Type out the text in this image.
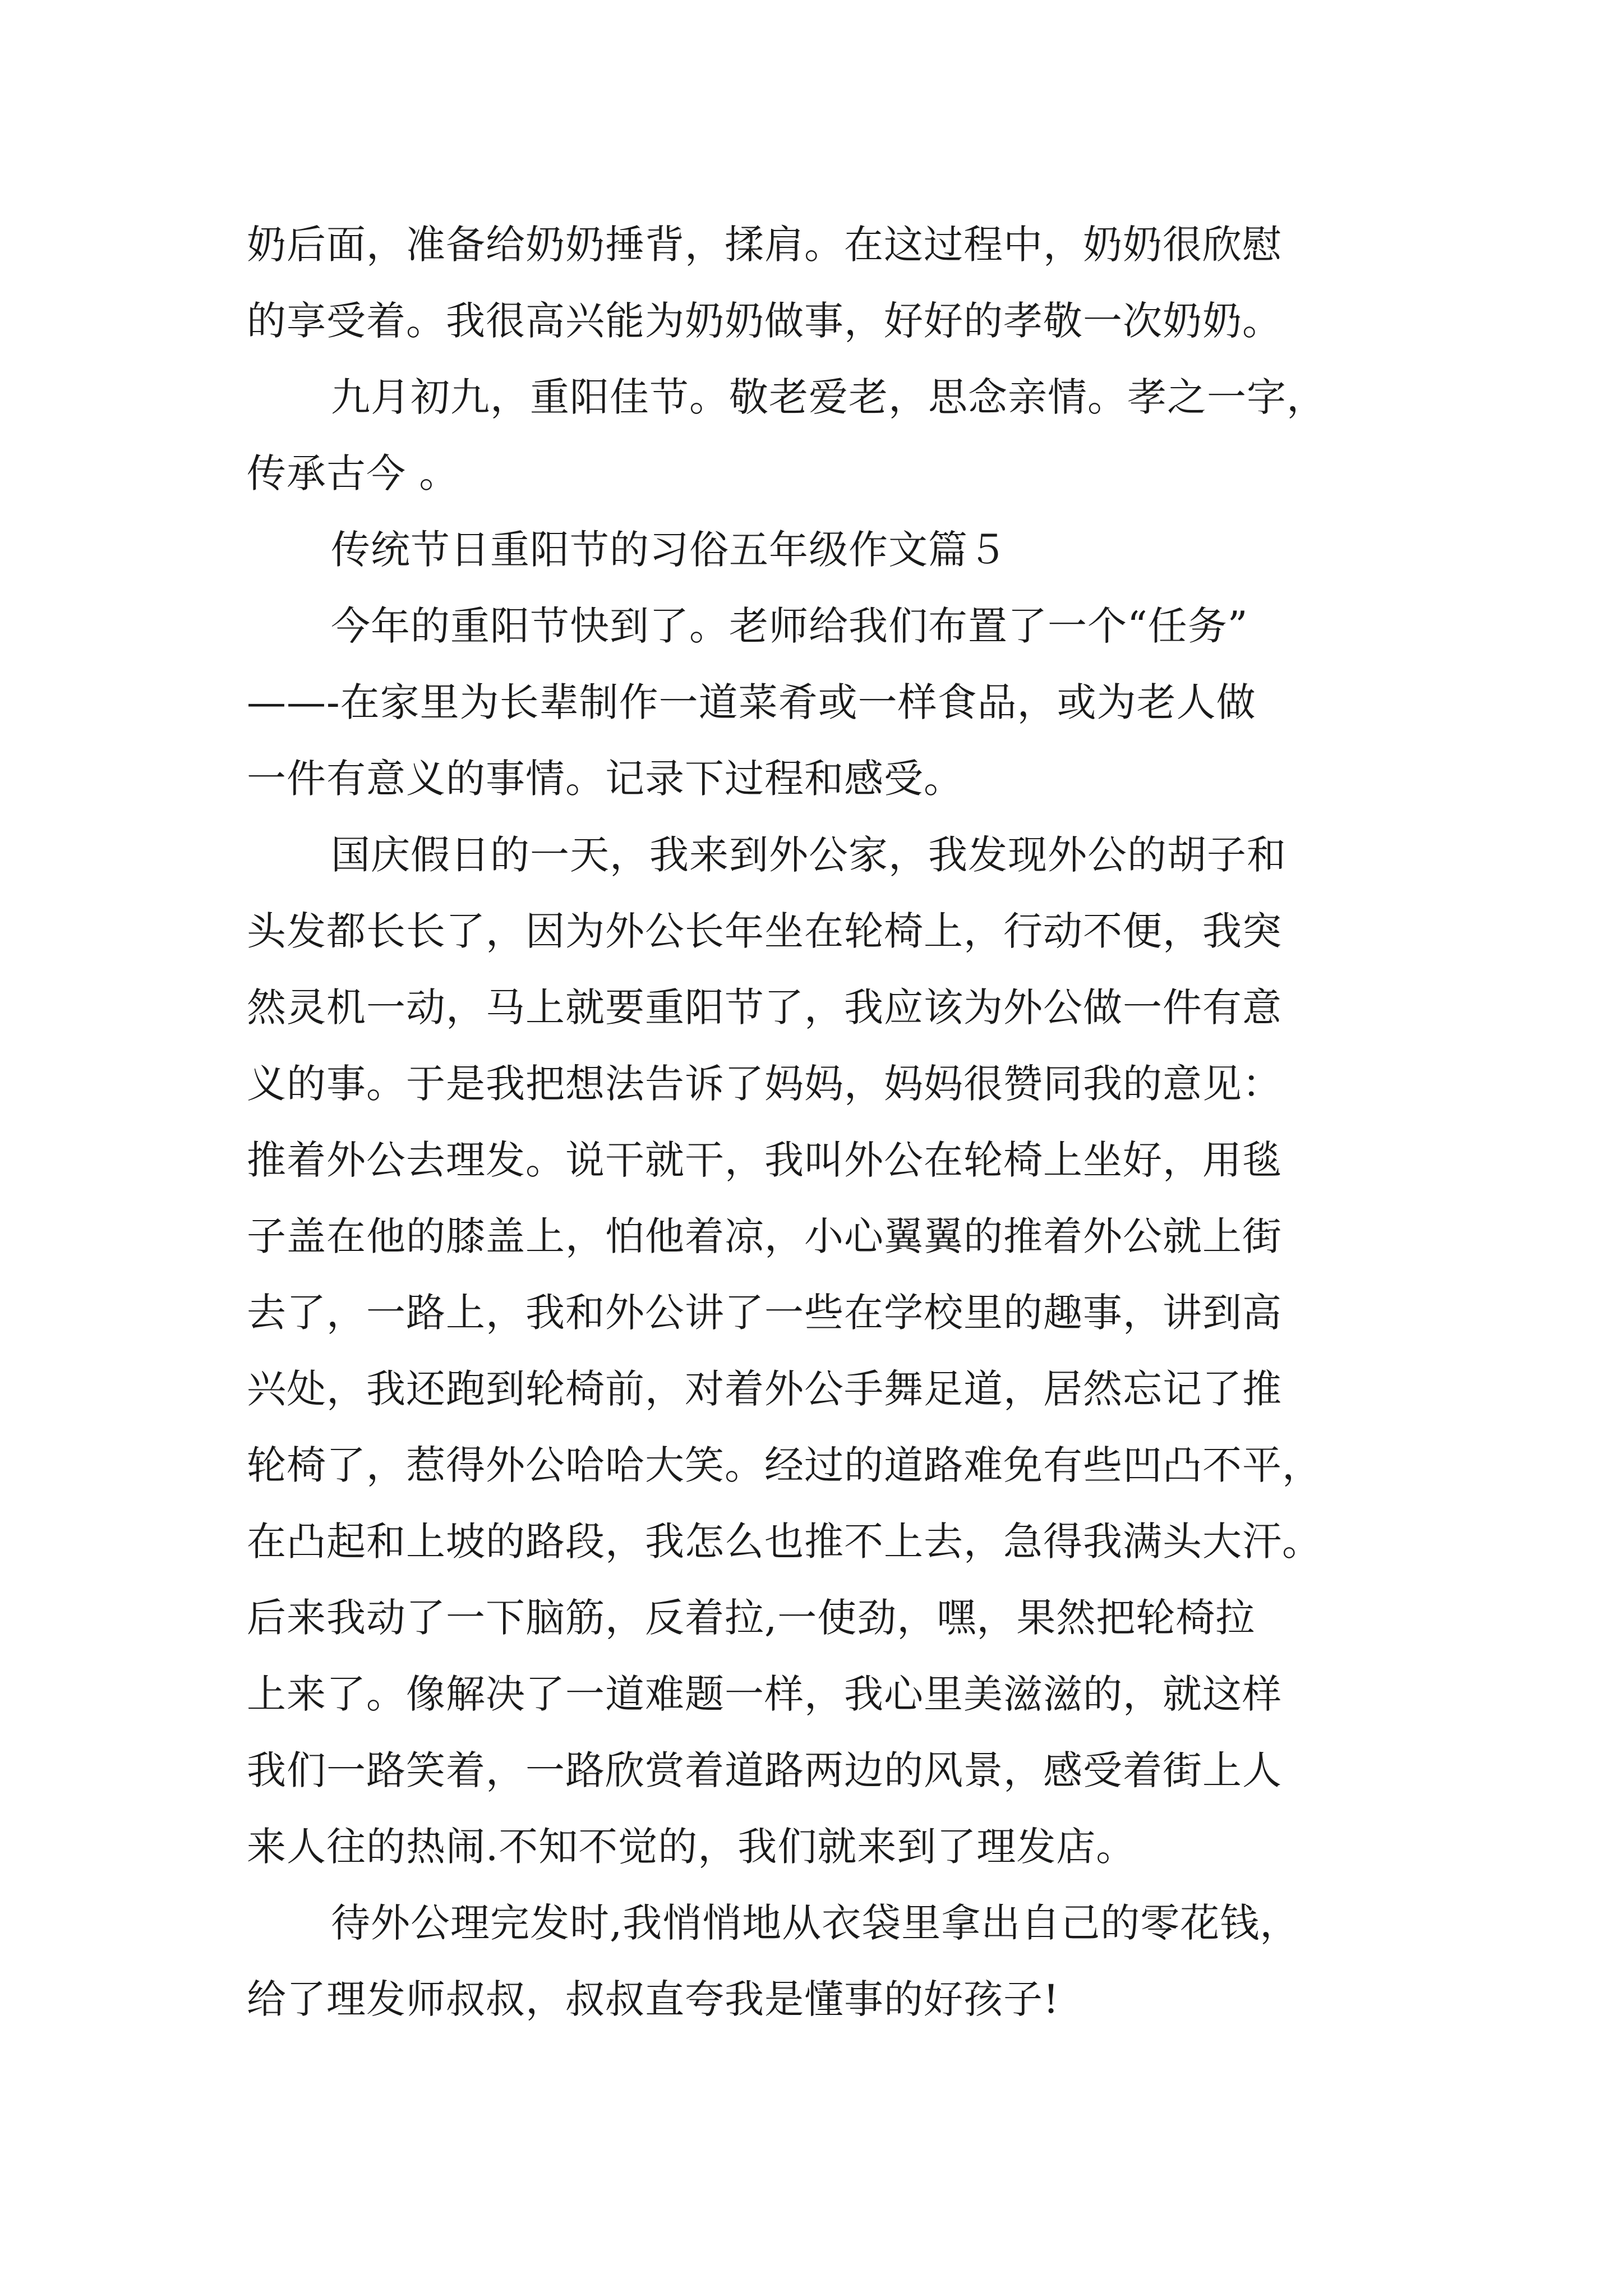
奶后面，准备给奶奶捶背，揉肩。在这过程中，奶奶很欣慰
的享受着。我很高兴能为奶奶做事，好好的孝敬一次奶奶。
九月初九，重阳佳节。敬老爱老，思念亲情。孝之一字，
传承古今 。
传统节日重阳节的习俗五年级作文篇５
今年的重阳节快到了。老师给我们布置了一个“任务”
——-在家里为长辈制作一道菜肴或一样食品，或为老人做
一件有意义的事情。记录下过程和感受。
国庆假日的一天，我来到外公家，我发现外公的胡子和
头发都长长了，因为外公长年坐在轮椅上，行动不便，我突
然灵机一动，马上就要重阳节了，我应该为外公做一件有意
义的事。于是我把想法告诉了妈妈，妈妈很赞同我的意见：
推着外公去理发。说干就干，我叫外公在轮椅上坐好，用毯
子盖在他的膝盖上，怕他着凉，小心翼翼的推着外公就上街
去了，一路上，我和外公讲了一些在学校里的趣事，讲到高
兴处，我还跑到轮椅前，对着外公手舞足道，居然忘记了推
轮椅了，惹得外公哈哈大笑。经过的道路难免有些凹凸不平，
在凸起和上坡的路段，我怎么也推不上去，急得我满头大汗。
后来我动了一下脑筋，反着拉,一使劲，嘿，果然把轮椅拉
上来了。像解决了一道难题一样，我心里美滋滋的，就这样
我们一路笑着，一路欣赏着道路两边的风景，感受着街上人
来人往的热闹.不知不觉的，我们就来到了理发店。
待外公理完发时,我悄悄地从衣袋里拿出自己的零花钱，
给了理发师叔叔，叔叔直夸我是懂事的好孩子!
